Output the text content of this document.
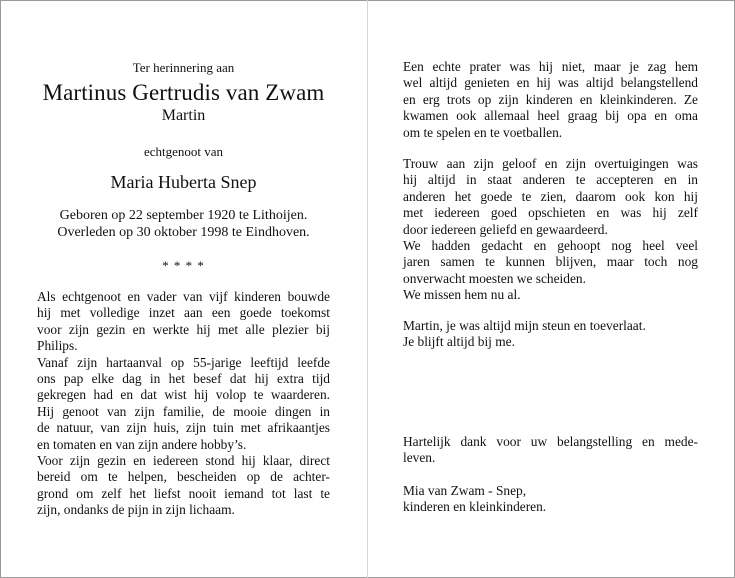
Ter herinnering aan
Martinus Gertrudis van Zwam
Martin
echtgenoot van
Maria Huberta Snep
Geboren op 22 september 1920 te Lithoijen.
Overleden op 30 oktober 1998 te Eindhoven.
* * * *
Als echtgenoot en vader van vijf kinderen bouwde
hij met volledige inzet aan een goede toekomst
voor zijn gezin en werkte hij met alle plezier bij
Philips.
Vanaf zijn hartaanval op 55-jarige leeftijd leefde
ons pap elke dag in het besef dat hij extra tijd
gekregen had en dat wist hij volop te waarderen.
Hij genoot van zijn familie, de mooie dingen in
de natuur, van zijn huis, zijn tuin met afrikaantjes
en tomaten en van zijn andere hobby’s.
Voor zijn gezin en iedereen stond hij klaar, direct
bereid om te helpen, bescheiden op de achter-
grond om zelf het liefst nooit iemand tot last te
zijn, ondanks de pijn in zijn lichaam.
Een echte prater was hij niet, maar je zag hem
wel altijd genieten en hij was altijd belangstellend
en erg trots op zijn kinderen en kleinkinderen. Ze
kwamen ook allemaal heel graag bij opa en oma
om te spelen en te voetballen.
Trouw aan zijn geloof en zijn overtuigingen was
hij altijd in staat anderen te accepteren en in
anderen het goede te zien, daarom ook kon hij
met iedereen goed opschieten en was hij zelf
door iedereen geliefd en gewaardeerd.
We hadden gedacht en gehoopt nog heel veel
jaren samen te kunnen blijven, maar toch nog
onverwacht moesten we scheiden.
We missen hem nu al.
Martin, je was altijd mijn steun en toeverlaat.
Je blijft altijd bij me.
Hartelijk dank voor uw belangstelling en mede-
leven.
Mia van Zwam - Snep,
kinderen en kleinkinderen.
